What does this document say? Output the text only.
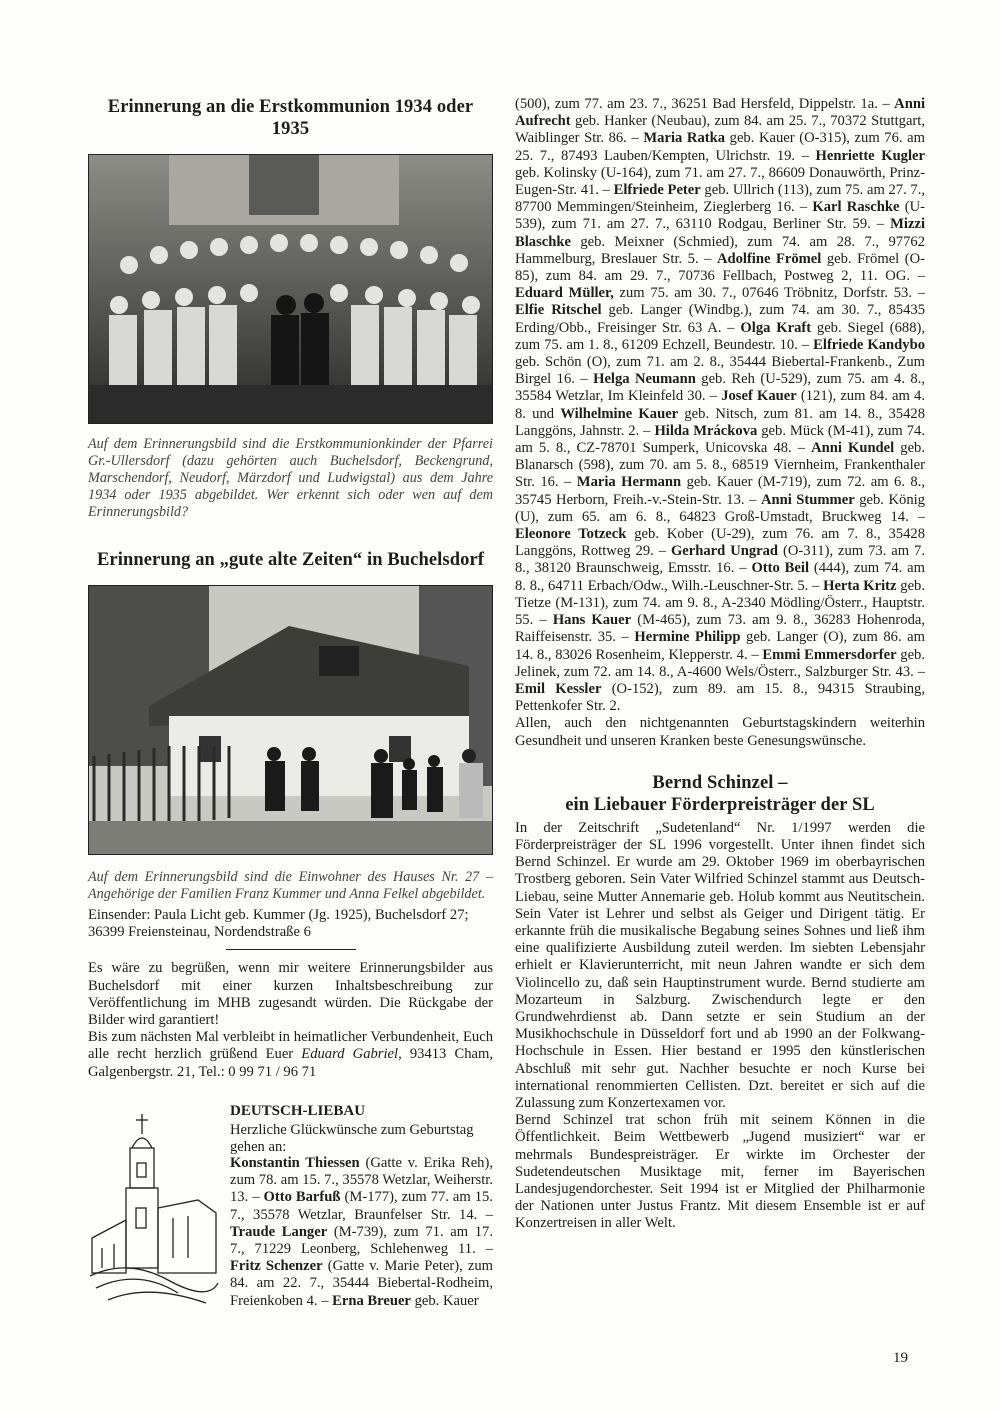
Erinnerung an die Erstkommunion 1934 oder 1935

Auf dem Erinnerungsbild sind die Erstkommunionkinder der Pfarrei Gr.-Ullersdorf (dazu gehörten auch Buchelsdorf, Beckengrund, Marschendorf, Neudorf, Märzdorf und Ludwigstal) aus dem Jahre 1934 oder 1935 abgebildet. Wer erkennt sich oder wen auf dem Erinnerungsbild?

Erinnerung an „gute alte Zeiten“ in Buchelsdorf

Auf dem Erinnerungsbild sind die Einwohner des Hauses Nr. 27 – Angehörige der Familien Franz Kummer und Anna Felkel abgebildet.

Einsender: Paula Licht geb. Kummer (Jg. 1925), Buchelsdorf 27; 36399 Freiensteinau, Nordendstraße 6

Es wäre zu begrüßen, wenn mir weitere Erinnerungsbilder aus Buchelsdorf mit einer kurzen Inhaltsbeschreibung zur Veröffentlichung im MHB zugesandt würden. Die Rückgabe der Bilder wird garantiert!

Bis zum nächsten Mal verbleibt in heimatlicher Verbundenheit, Euch alle recht herzlich grüßend Euer Eduard Gabriel, 93413 Cham, Galgenbergstr. 21, Tel.: 0 99 71 / 96 71

DEUTSCH-LIEBAU

Herzliche Glückwünsche zum Geburtstag gehen an:

Konstantin Thiessen (Gatte v. Erika Reh), zum 78. am 15. 7., 35578 Wetzlar, Weiherstr. 13. – Otto Barfuß (M-177), zum 77. am 15. 7., 35578 Wetzlar, Braunfelser Str. 14. – Traude Langer (M-739), zum 71. am 17. 7., 71229 Leonberg, Schlehenweg 11. – Fritz Schenzer (Gatte v. Marie Peter), zum 84. am 22. 7., 35444 Biebertal-Rodheim, Freienkoben 4. – Erna Breuer geb. Kauer

(500), zum 77. am 23. 7., 36251 Bad Hersfeld, Dippelstr. 1a. – Anni Aufrecht geb. Hanker (Neubau), zum 84. am 25. 7., 70372 Stuttgart, Waiblinger Str. 86. – Maria Ratka geb. Kauer (O-315), zum 76. am 25. 7., 87493 Lauben/Kempten, Ulrichstr. 19. – Henriette Kugler geb. Kolinsky (U-164), zum 71. am 27. 7., 86609 Donauwörth, Prinz-Eugen-Str. 41. – Elfriede Peter geb. Ullrich (113), zum 75. am 27. 7., 87700 Memmingen/Steinheim, Zieglerberg 16. – Karl Raschke (U-539), zum 71. am 27. 7., 63110 Rodgau, Berliner Str. 59. – Mizzi Blaschke geb. Meixner (Schmied), zum 74. am 28. 7., 97762 Hammelburg, Breslauer Str. 5. – Adolfine Frömel geb. Frömel (O-85), zum 84. am 29. 7., 70736 Fellbach, Postweg 2, 11. OG. – Eduard Müller, zum 75. am 30. 7., 07646 Tröbnitz, Dorfstr. 53. – Elfie Ritschel geb. Langer (Windbg.), zum 74. am 30. 7., 85435 Erding/Obb., Freisinger Str. 63 A. – Olga Kraft geb. Siegel (688), zum 75. am 1. 8., 61209 Echzell, Beundestr. 10. – Elfriede Kandybo geb. Schön (O), zum 71. am 2. 8., 35444 Biebertal-Frankenb., Zum Birgel 16. – Helga Neumann geb. Reh (U-529), zum 75. am 4. 8., 35584 Wetzlar, Im Kleinfeld 30. – Josef Kauer (121), zum 84. am 4. 8. und Wilhelmine Kauer geb. Nitsch, zum 81. am 14. 8., 35428 Langgöns, Jahnstr. 2. – Hilda Mráckova geb. Mück (M-41), zum 74. am 5. 8., CZ-78701 Sumperk, Unicovska 48. – Anni Kundel geb. Blanarsch (598), zum 70. am 5. 8., 68519 Viernheim, Frankenthaler Str. 16. – Maria Hermann geb. Kauer (M-719), zum 72. am 6. 8., 35745 Herborn, Freih.-v.-Stein-Str. 13. – Anni Stummer geb. König (U), zum 65. am 6. 8., 64823 Groß-Umstadt, Bruckweg 14. – Eleonore Totzeck geb. Kober (U-29), zum 76. am 7. 8., 35428 Langgöns, Rottweg 29. – Gerhard Ungrad (O-311), zum 73. am 7. 8., 38120 Braunschweig, Emsstr. 16. – Otto Beil (444), zum 74. am 8. 8., 64711 Erbach/Odw., Wilh.-Leuschner-Str. 5. – Herta Kritz geb. Tietze (M-131), zum 74. am 9. 8., A-2340 Mödling/Österr., Hauptstr. 55. – Hans Kauer (M-465), zum 73. am 9. 8., 36283 Hohenroda, Raiffeisenstr. 35. – Hermine Philipp geb. Langer (O), zum 86. am 14. 8., 83026 Rosenheim, Klepperstr. 4. – Emmi Emmersdorfer geb. Jelinek, zum 72. am 14. 8., A-4600 Wels/Österr., Salzburger Str. 43. – Emil Kessler (O-152), zum 89. am 15. 8., 94315 Straubing, Pettenkofer Str. 2.

Allen, auch den nichtgenannten Geburtstagskindern weiterhin Gesundheit und unseren Kranken beste Genesungswünsche.

Bernd Schinzel –
ein Liebauer Förderpreisträger der SL

In der Zeitschrift „Sudetenland“ Nr. 1/1997 werden die Förderpreisträger der SL 1996 vorgestellt. Unter ihnen findet sich Bernd Schinzel. Er wurde am 29. Oktober 1969 im oberbayrischen Trostberg geboren. Sein Vater Wilfried Schinzel stammt aus Deutsch-Liebau, seine Mutter Annemarie geb. Holub kommt aus Neutitschein. Sein Vater ist Lehrer und selbst als Geiger und Dirigent tätig. Er erkannte früh die musikalische Begabung seines Sohnes und ließ ihm eine qualifizierte Ausbildung zuteil werden. Im siebten Lebensjahr erhielt er Klavierunterricht, mit neun Jahren wandte er sich dem Violincello zu, daß sein Hauptinstrument wurde. Bernd studierte am Mozarteum in Salzburg. Zwischendurch legte er den Grundwehrdienst ab. Dann setzte er sein Studium an der Musikhochschule in Düsseldorf fort und ab 1990 an der Folkwang-Hochschule in Essen. Hier bestand er 1995 den künstlerischen Abschluß mit sehr gut. Nachher besuchte er noch Kurse bei international renommierten Cellisten. Dzt. bereitet er sich auf die Zulassung zum Konzertexamen vor.

Bernd Schinzel trat schon früh mit seinem Können in die Öffentlichkeit. Beim Wettbewerb „Jugend musiziert“ war er mehrmals Bundespreisträger. Er wirkte im Orchester der Sudetendeutschen Musiktage mit, ferner im Bayerischen Landesjugendorchester. Seit 1994 ist er Mitglied der Philharmonie der Nationen unter Justus Frantz. Mit diesem Ensemble ist er auf Konzertreisen in aller Welt.

19
